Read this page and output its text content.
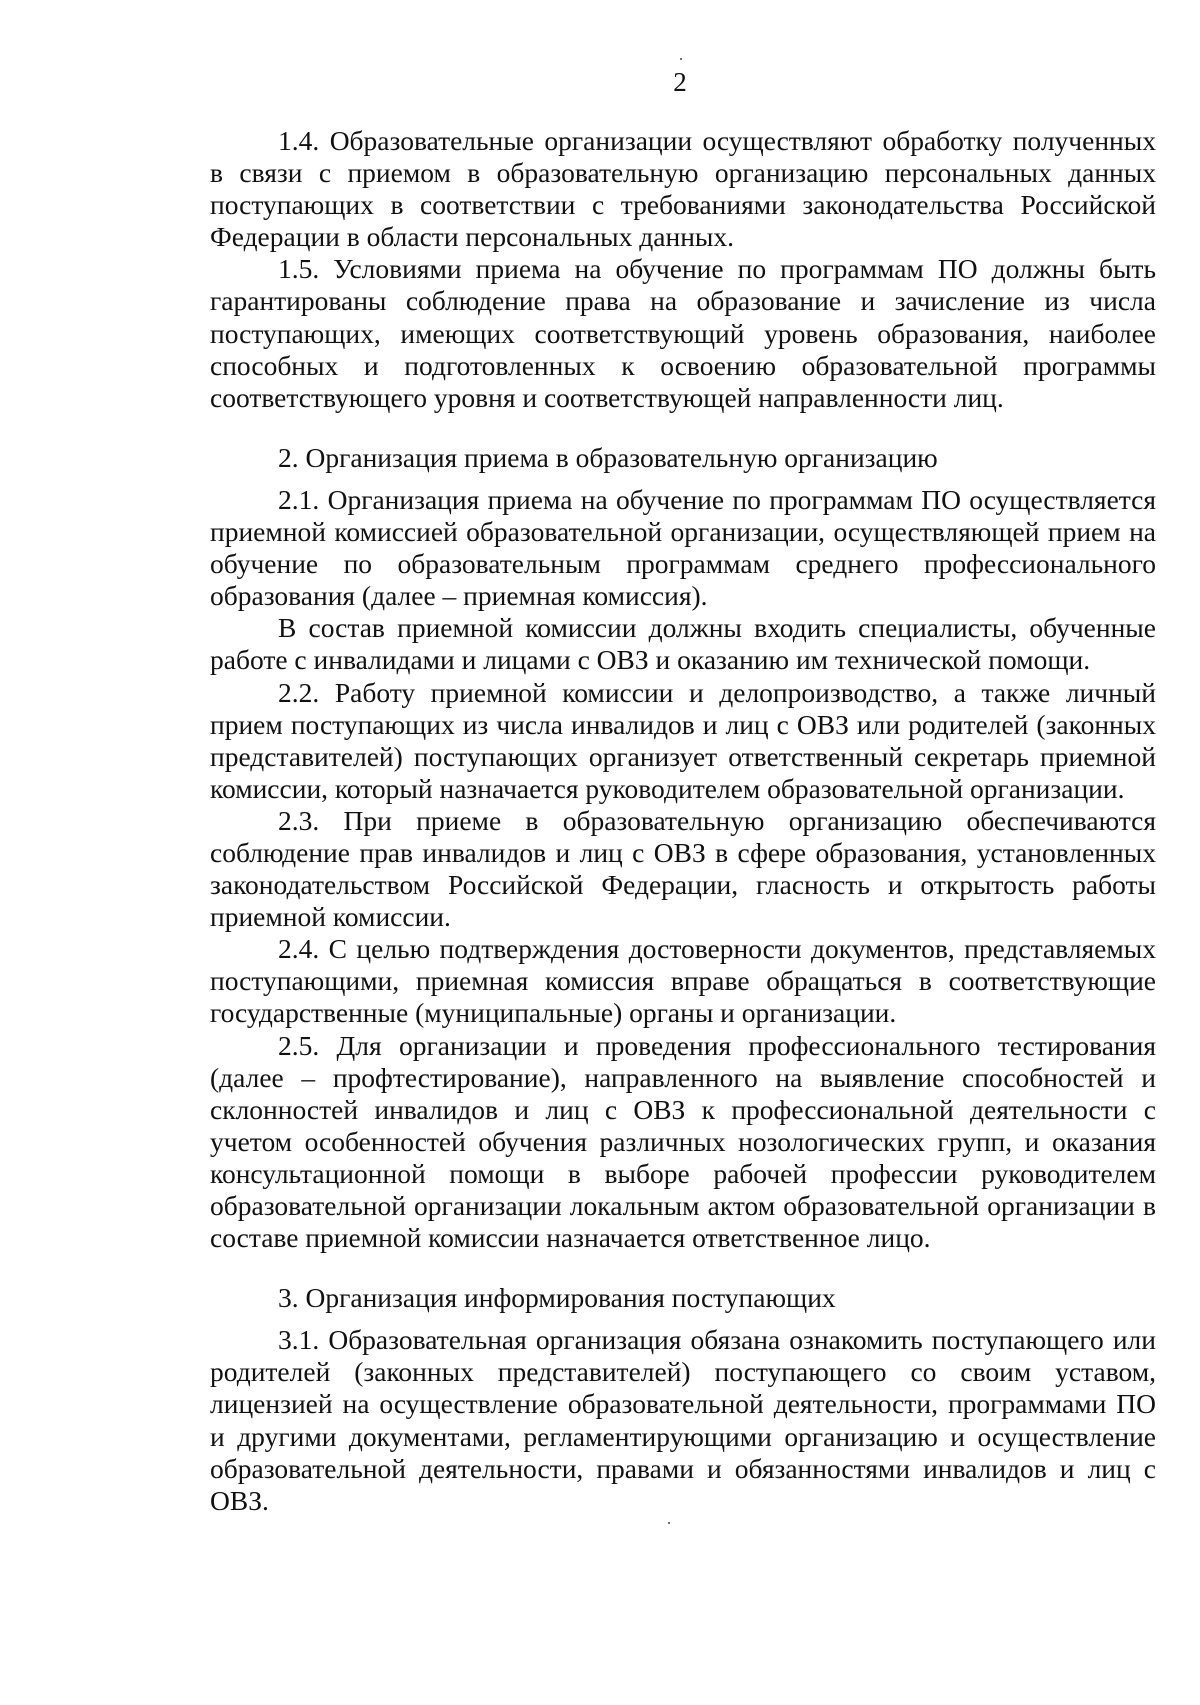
2

1.4. Образовательные организации осуществляют обработку полученных в связи с приемом в образовательную организацию персональных данных поступающих в соответствии с требованиями законодательства Российской Федерации в области персональных данных.

1.5. Условиями приема на обучение по программам ПО должны быть гарантированы соблюдение права на образование и зачисление из числа поступающих, имеющих соответствующий уровень образования, наиболее способных и подготовленных к освоению образовательной программы соответствующего уровня и соответствующей направленности лиц.

2. Организация приема в образовательную организацию

2.1. Организация приема на обучение по программам ПО осуществляется приемной комиссией образовательной организации, осуществляющей прием на обучение по образовательным программам среднего профессионального образования (далее – приемная комиссия).

В состав приемной комиссии должны входить специалисты, обученные работе с инвалидами и лицами с ОВЗ и оказанию им технической помощи.

2.2. Работу приемной комиссии и делопроизводство, а также личный прием поступающих из числа инвалидов и лиц с ОВЗ или родителей (законных представителей) поступающих организует ответственный секретарь приемной комиссии, который назначается руководителем образовательной организации.

2.3. При приеме в образовательную организацию обеспечиваются соблюдение прав инвалидов и лиц с ОВЗ в сфере образования, установленных законодательством Российской Федерации, гласность и открытость работы приемной комиссии.

2.4. С целью подтверждения достоверности документов, представляемых поступающими, приемная комиссия вправе обращаться в соответствующие государственные (муниципальные) органы и организации.

2.5. Для организации и проведения профессионального тестирования (далее – профтестирование), направленного на выявление способностей и склонностей инвалидов и лиц с ОВЗ к профессиональной деятельности с учетом особенностей обучения различных нозологических групп, и оказания консультационной помощи в выборе рабочей профессии руководителем образовательной организации локальным актом образовательной организации в составе приемной комиссии назначается ответственное лицо.

3. Организация информирования поступающих

3.1. Образовательная организация обязана ознакомить поступающего или родителей (законных представителей) поступающего со своим уставом, лицензией на осуществление образовательной деятельности, программами ПО и другими документами, регламентирующими организацию и осуществление образовательной деятельности, правами и обязанностями инвалидов и лиц с ОВЗ.
